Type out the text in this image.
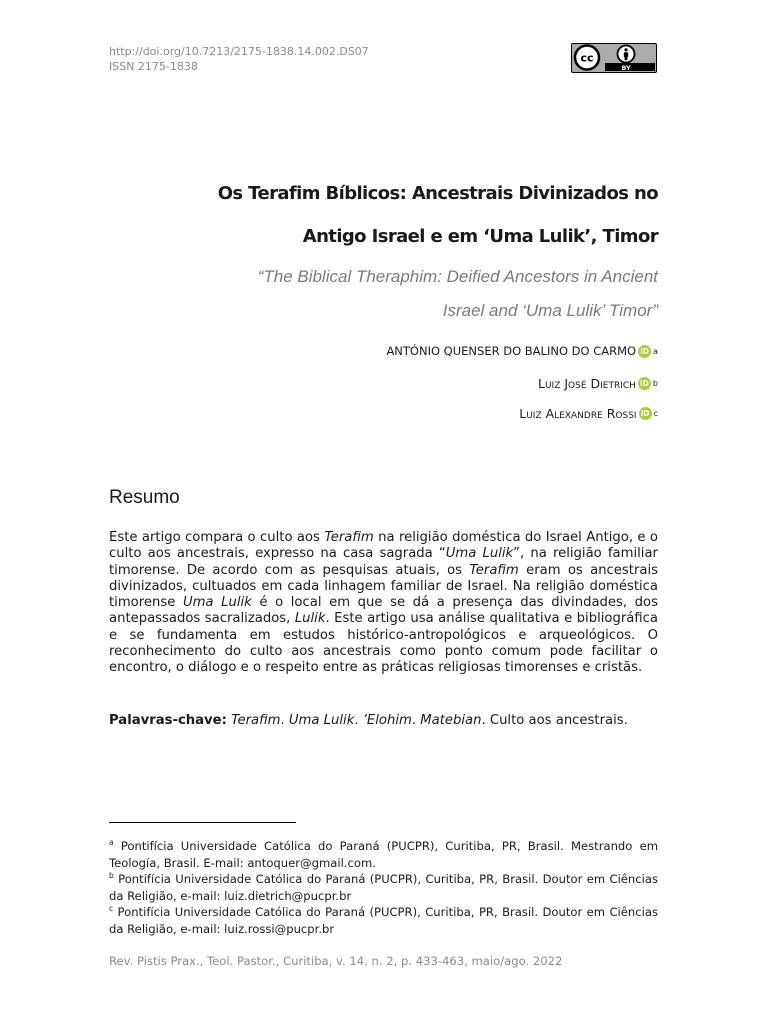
http://doi.org/10.7213/2175-1838.14.002.DS07
ISSN 2175-1838
cc
BY
Os Terafim Bíblicos: Ancestrais Divinizados no
Antigo Israel e em ‘Uma Lulik’, Timor
“The Biblical Theraphim: Deified Ancestors in Ancient
Israel and ‘Uma Lulik’ Timor”
ANTÓNIO QUENSER DO BALINO DO CARMO iD a
Luiz José Dietrich iD b
Luiz Alexandre Rossi iD c
Resumo
Este artigo compara o culto aos Terafim na religião doméstica do Israel Antigo, e o culto aos ancestrais, expresso na casa sagrada “Uma Lulik”, na religião familiar timorense. De acordo com as pesquisas atuais, os Terafim eram os ancestrais divinizados, cultuados em cada linhagem familiar de Israel. Na religião doméstica timorense Uma Lulik é o local em que se dá a presença das divindades, dos antepassados sacralizados, Lulik. Este artigo usa análise qualitativa e bibliográfica e se fundamenta em estudos histórico-antropológicos e arqueológicos. O reconhecimento do culto aos ancestrais como ponto comum pode facilitar o encontro, o diálogo e o respeito entre as práticas religiosas timorenses e cristãs.
Palavras-chave: Terafim. Uma Lulik. ’Elohim. Matebian. Culto aos ancestrais.

$^a$ Pontifícia Universidade Católica do Paraná (PUCPR), Curitiba, PR, Brasil. Mestrando em Teología, Brasil. E-mail: antoquer@gmail.com.

$^b$ Pontifícia Universidade Católica do Paraná (PUCPR), Curitiba, PR, Brasil. Doutor em Ciências da Religião, e-mail: luiz.dietrich@pucpr.br

$^c$ Pontifícia Universidade Católica do Paraná (PUCPR), Curitiba, PR, Brasil. Doutor em Ciências da Religião, e-mail: luiz.rossi@pucpr.br

Rev. Pistis Prax., Teol. Pastor., Curitiba, v. 14, n. 2, p. 433-463, maio/ago. 2022
